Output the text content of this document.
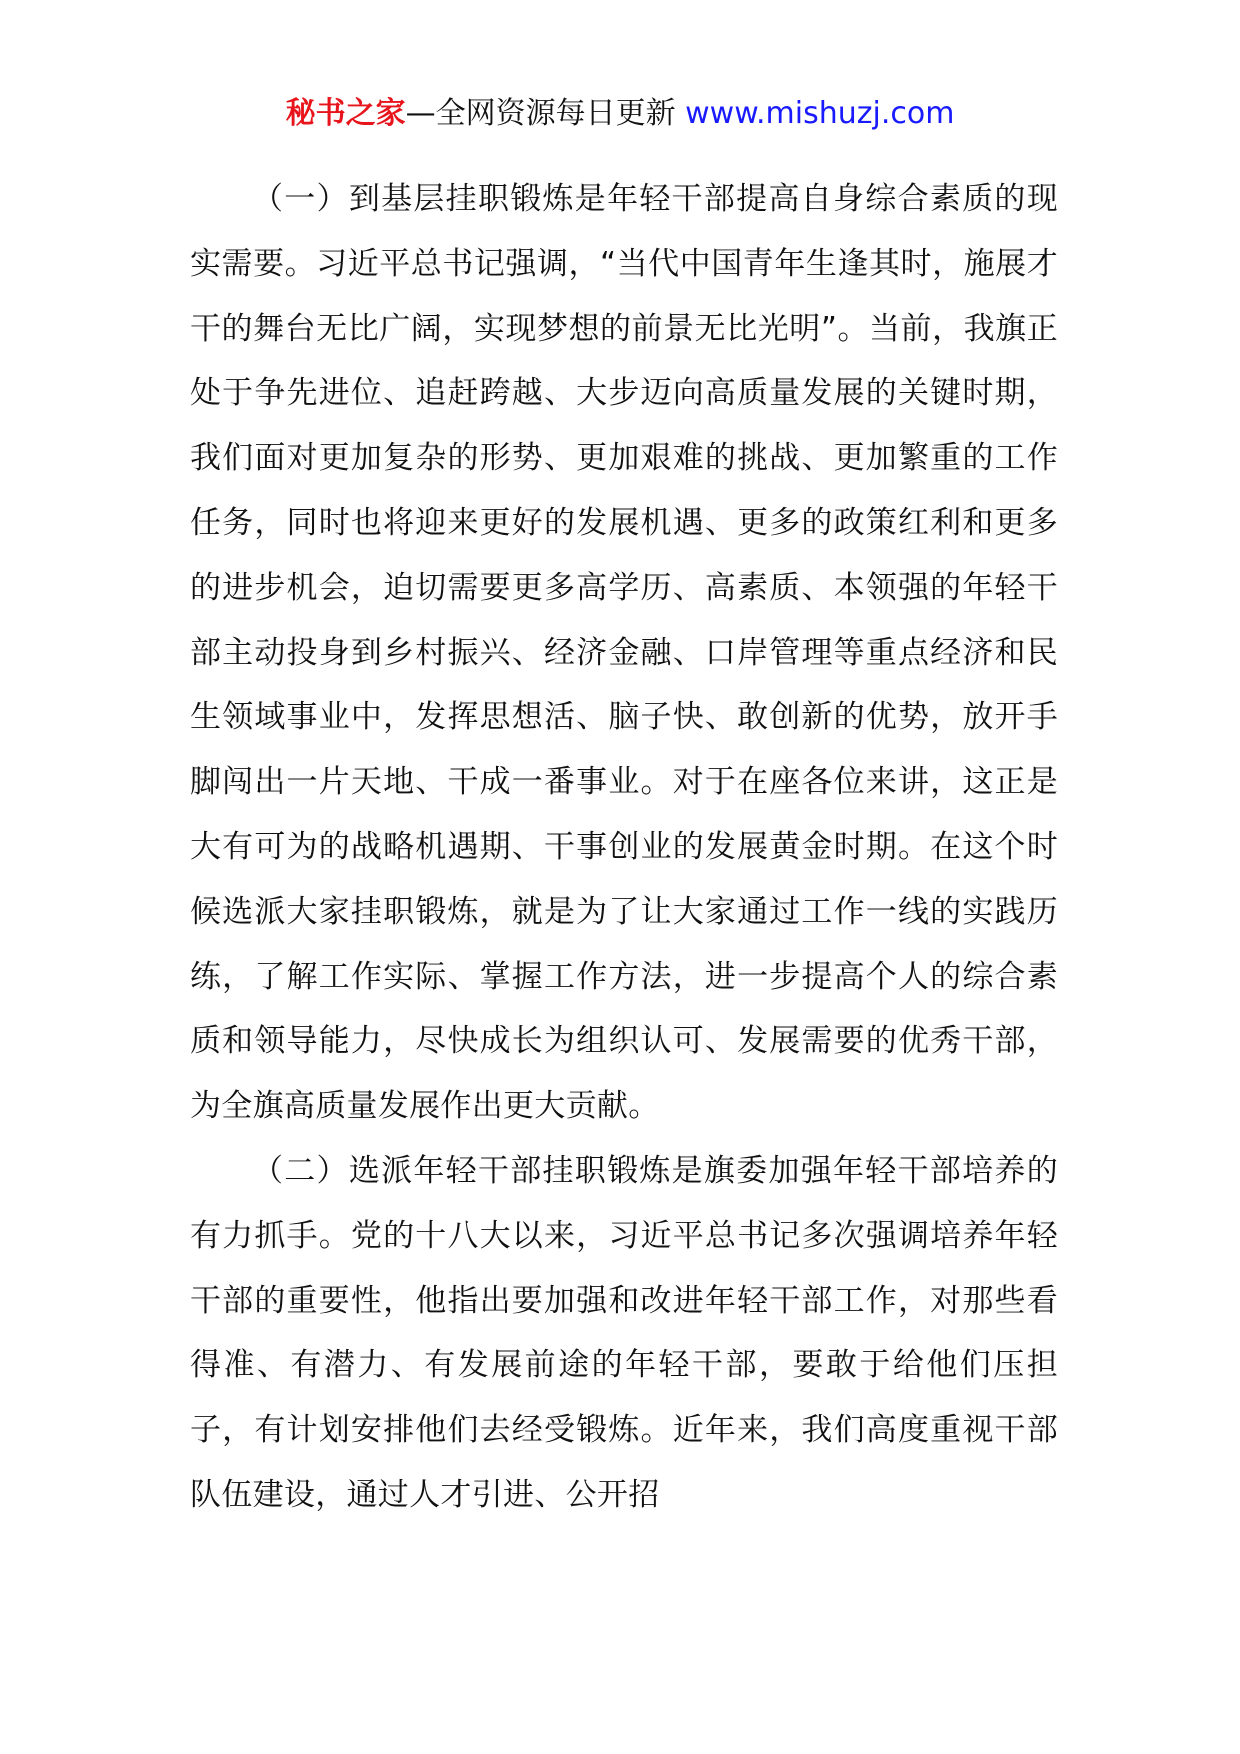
秘书之家—全网资源每日更新 www.mishuzj.com

（一）到基层挂职锻炼是年轻干部提高自身综合素质的现实需要。习近平总书记强调，“当代中国青年生逢其时，施展才干的舞台无比广阔，实现梦想的前景无比光明”。当前，我旗正处于争先进位、追赶跨越、大步迈向高质量发展的关键时期，我们面对更加复杂的形势、更加艰难的挑战、更加繁重的工作任务，同时也将迎来更好的发展机遇、更多的政策红利和更多的进步机会，迫切需要更多高学历、高素质、本领强的年轻干部主动投身到乡村振兴、经济金融、口岸管理等重点经济和民生领域事业中，发挥思想活、脑子快、敢创新的优势，放开手脚闯出一片天地、干成一番事业。对于在座各位来讲，这正是大有可为的战略机遇期、干事创业的发展黄金时期。在这个时候选派大家挂职锻炼，就是为了让大家通过工作一线的实践历练，了解工作实际、掌握工作方法，进一步提高个人的综合素质和领导能力，尽快成长为组织认可、发展需要的优秀干部，为全旗高质量发展作出更大贡献。

（二）选派年轻干部挂职锻炼是旗委加强年轻干部培养的有力抓手。党的十八大以来，习近平总书记多次强调培养年轻干部的重要性，他指出要加强和改进年轻干部工作，对那些看得准、有潜力、有发展前途的年轻干部，要敢于给他们压担子，有计划安排他们去经受锻炼。近年来，我们高度重视干部队伍建设，通过人才引进、公开招
